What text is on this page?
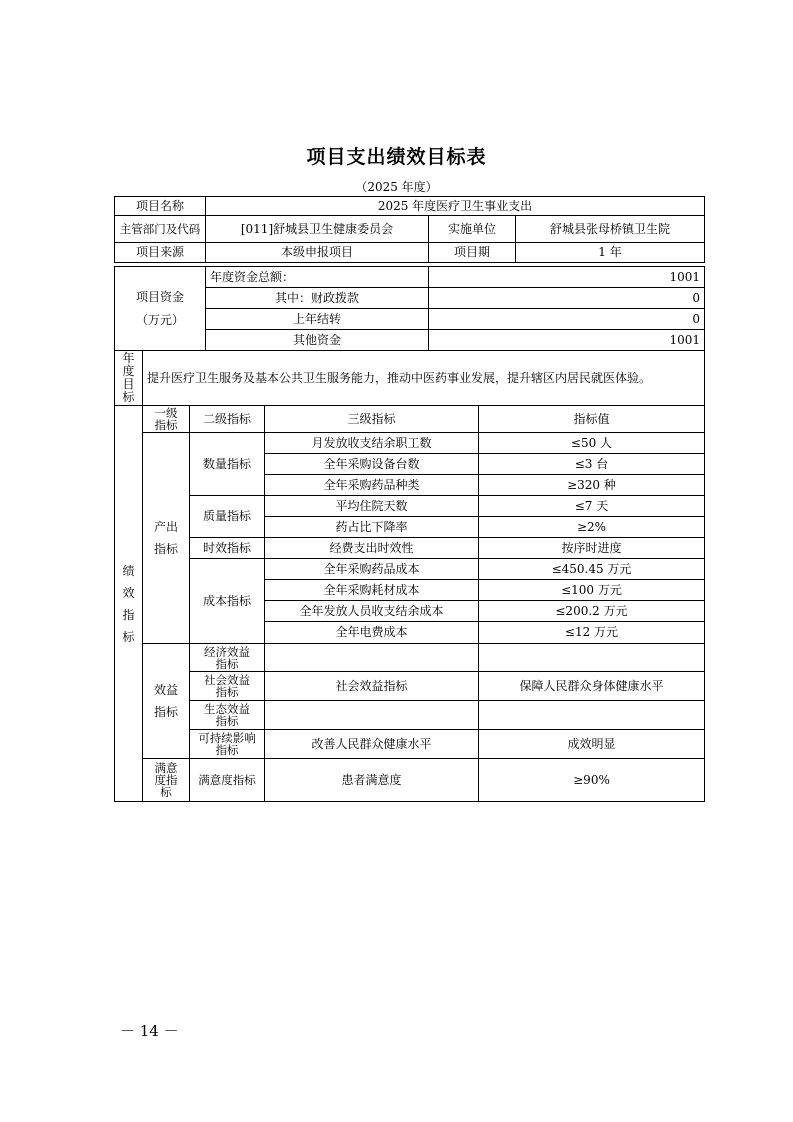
项目支出绩效目标表
（2025 年度）
项目名称	2025 年度医疗卫生事业支出		
主管部门及代码	[011]舒城县卫生健康委员会	实施单位	舒城县张母桥镇卫生院
项目来源	本级申报项目	项目期	1 年
项目资金
（万元）	年度资金总额：	1001
	其中：财政拨款	0
	上年结转	0
	其他资金	1001
年度目标
	提升医疗卫生服务及基本公共卫生服务能力，推动中医药事业发展，提升辖区内居民就医体验。
绩效指标	一级指标	二级指标	三级指标	指标值

	产出指标	数量指标	月发放收支结余职工数	≤50 人
			全年采购设备台数	≤3 台
			全年采购药品种类	≥320 种
		质量指标	平均住院天数	≤7 天
			药占比下降率	≥2%
		时效指标	经费支出时效性	按序时进度
		成本指标	全年采购药品成本	≤450.45 万元
			全年采购耗材成本	≤100 万元
			全年发放人员收支结余成本	≤200.2 万元
			全年电费成本	≤12 万元

	效益指标	经济效益指标		

		社会效益指标	社会效益指标	保障人民群众身体健康水平

		生态效益指标		

		可持续影响指标	改善人民群众健康水平	成效明显

	满意度指标	满意度指标	患者满意度	≥90%
－ 14 －
